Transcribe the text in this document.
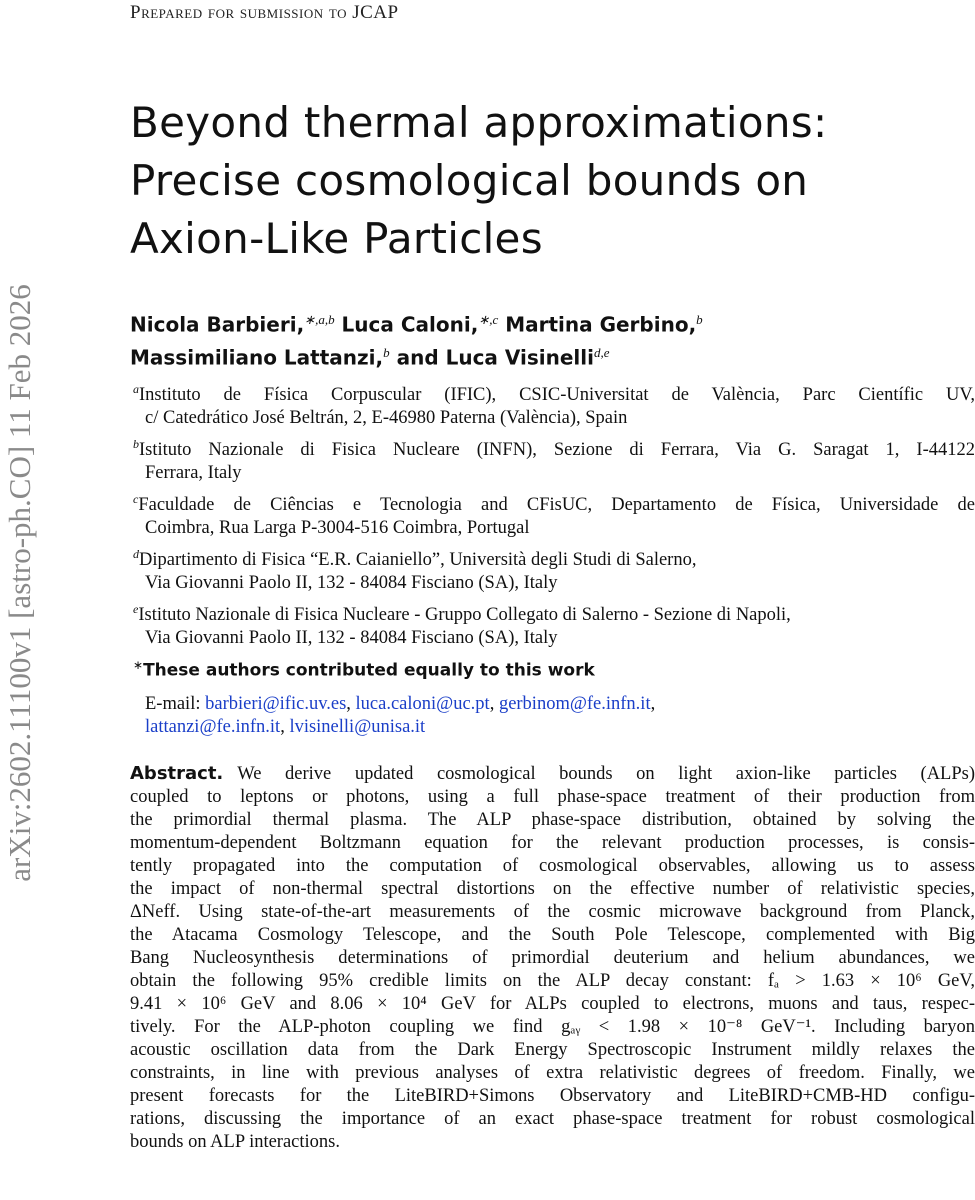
Prepared for submission to JCAP
arXiv:2602.11100v1 [astro-ph.CO] 11 Feb 2026
Beyond thermal approximations:
Precise cosmological bounds on
Axion-Like Particles
Nicola Barbieri,$^{∗,a,b}$ Luca Caloni,$^{∗,c}$ Martina Gerbino,$^b$
Massimiliano Lattanzi,$^b$ and Luca Visinelli$^{d,e}$
$^a$Instituto de Física Corpuscular (IFIC), CSIC-Universitat de València, Parc Científic UV,
c/ Catedrático José Beltrán, 2, E-46980 Paterna (València), Spain
$^b$Istituto Nazionale di Fisica Nucleare (INFN), Sezione di Ferrara, Via G. Saragat 1, I-44122
Ferrara, Italy
$^c$Faculdade de Ciências e Tecnologia and CFisUC, Departamento de Física, Universidade de
Coimbra, Rua Larga P-3004-516 Coimbra, Portugal
$^d$Dipartimento di Fisica “E.R. Caianiello”, Università degli Studi di Salerno,
Via Giovanni Paolo II, 132 - 84084 Fisciano (SA), Italy
$^e$Istituto Nazionale di Fisica Nucleare - Gruppo Collegato di Salerno - Sezione di Napoli,
Via Giovanni Paolo II, 132 - 84084 Fisciano (SA), Italy
∗These authors contributed equally to this work
E-mail: barbieri@ific.uv.es, luca.caloni@uc.pt, gerbinom@fe.infn.it,
lattanzi@fe.infn.it, lvisinelli@unisa.it
Abstract. We derive updated cosmological bounds on light axion-like particles (ALPs)
coupled to leptons or photons, using a full phase-space treatment of their production from
the primordial thermal plasma. The ALP phase-space distribution, obtained by solving the
momentum-dependent Boltzmann equation for the relevant production processes, is consis-
tently propagated into the computation of cosmological observables, allowing us to assess
the impact of non-thermal spectral distortions on the effective number of relativistic species,
ΔNeff. Using state-of-the-art measurements of the cosmic microwave background from Planck,
the Atacama Cosmology Telescope, and the South Pole Telescope, complemented with Big
Bang Nucleosynthesis determinations of primordial deuterium and helium abundances, we
obtain the following 95% credible limits on the ALP decay constant: fₐ > 1.63 × 10⁶ GeV,
9.41 × 10⁶ GeV and 8.06 × 10⁴ GeV for ALPs coupled to electrons, muons and taus, respec-
tively. For the ALP-photon coupling we find gₐᵧ < 1.98 × 10⁻⁸ GeV⁻¹. Including baryon
acoustic oscillation data from the Dark Energy Spectroscopic Instrument mildly relaxes the
constraints, in line with previous analyses of extra relativistic degrees of freedom. Finally, we
present forecasts for the LiteBIRD+Simons Observatory and LiteBIRD+CMB-HD configu-
rations, discussing the importance of an exact phase-space treatment for robust cosmological
bounds on ALP interactions.
